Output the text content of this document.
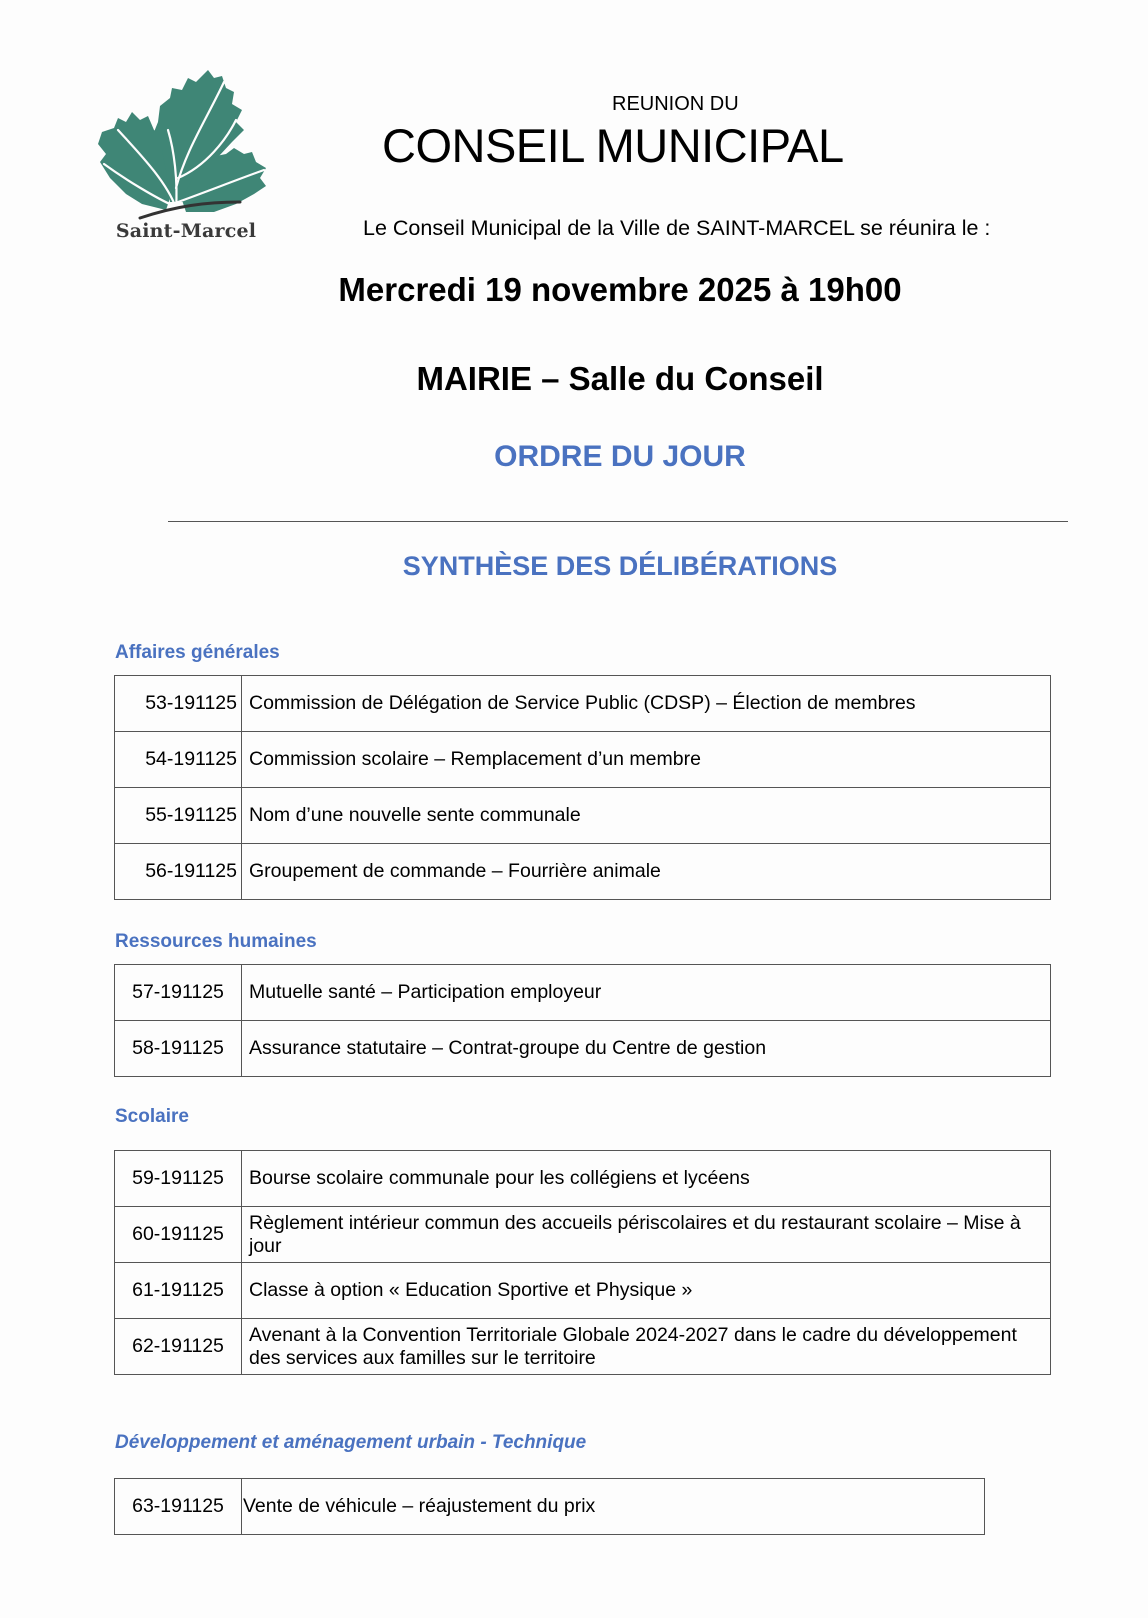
Saint-Marcel
REUNION DU
CONSEIL MUNICIPAL
Le Conseil Municipal de la Ville de SAINT-MARCEL se réunira le :
Mercredi 19 novembre 2025 à 19h00
MAIRIE – Salle du Conseil
ORDRE DU JOUR
SYNTHÈSE DES DÉLIBÉRATIONS
Affaires générales
53-191125	Commission de Délégation de Service Public (CDSP) – Élection de membres
54-191125	Commission scolaire – Remplacement d’un membre
55-191125	Nom d’une nouvelle sente communale
56-191125	Groupement de commande – Fourrière animale
Ressources humaines
57-191125	Mutuelle santé – Participation employeur
58-191125	Assurance statutaire – Contrat-groupe du Centre de gestion
Scolaire
59-191125	Bourse scolaire communale pour les collégiens et lycéens
60-191125	Règlement intérieur commun des accueils périscolaires et du restaurant scolaire – Mise à jour
61-191125	Classe à option « Education Sportive et Physique »
62-191125	Avenant à la Convention Territoriale Globale 2024-2027 dans le cadre du développement des services aux familles sur le territoire
Développement et aménagement urbain - Technique
63-191125	Vente de véhicule – réajustement du prix
